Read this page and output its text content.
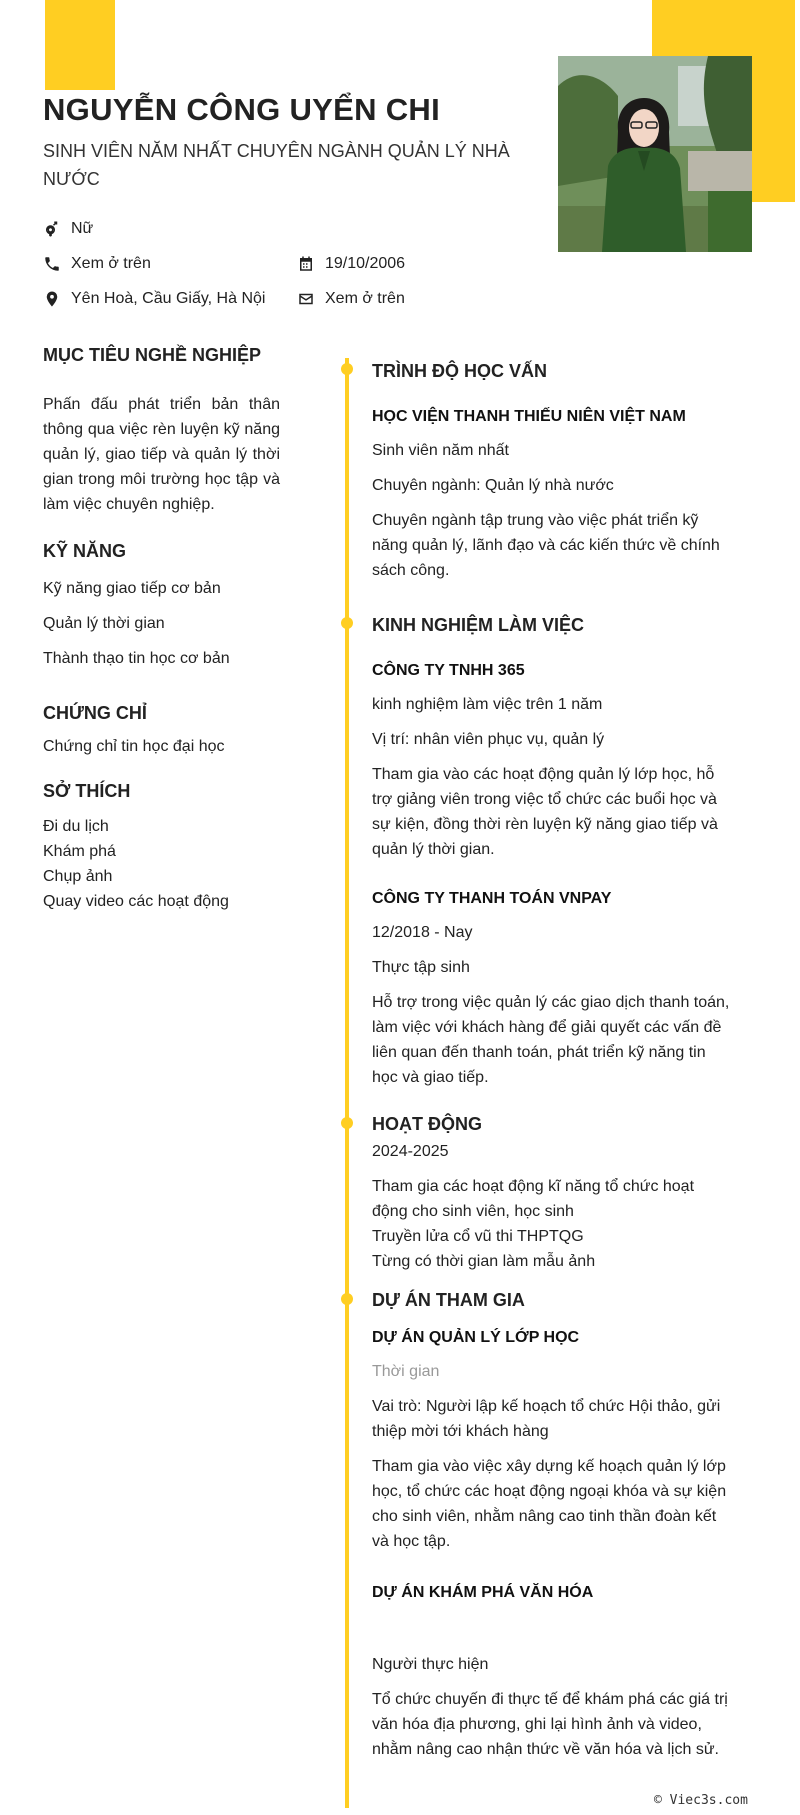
NGUYỄN CÔNG UYỂN CHI

SINH VIÊN NĂM NHẤT CHUYÊN NGÀNH QUẢN LÝ NHÀ NƯỚC

Nữ
Xem ở trên	19/10/2006
Yên Hoà, Cầu Giấy, Hà Nội	Xem ở trên
MỤC TIÊU NGHỀ NGHIỆP

Phấn đấu phát triển bản thân thông qua việc rèn luyện kỹ năng quản lý, giao tiếp và quản lý thời gian trong môi trường học tập và làm việc chuyên nghiệp.

KỸ NĂNG

Kỹ năng giao tiếp cơ bản

Quản lý thời gian

Thành thạo tin học cơ bản

CHỨNG CHỈ

Chứng chỉ tin học đại học

SỞ THÍCH

Đi du lịch

Khám phá

Chụp ảnh

Quay video các hoạt động

TRÌNH ĐỘ HỌC VẤN

HỌC VIỆN THANH THIẾU NIÊN VIỆT NAM

Sinh viên năm nhất

Chuyên ngành: Quản lý nhà nước

Chuyên ngành tập trung vào việc phát triển kỹ năng quản lý, lãnh đạo và các kiến thức về chính sách công.

KINH NGHIỆM LÀM VIỆC

CÔNG TY TNHH 365

kinh nghiệm làm việc trên 1 năm

Vị trí: nhân viên phục vụ, quản lý

Tham gia vào các hoạt động quản lý lớp học, hỗ trợ giảng viên trong việc tổ chức các buổi học và sự kiện, đồng thời rèn luyện kỹ năng giao tiếp và quản lý thời gian.

CÔNG TY THANH TOÁN VNPAY

12/2018 - Nay

Thực tập sinh

Hỗ trợ trong việc quản lý các giao dịch thanh toán, làm việc với khách hàng để giải quyết các vấn đề liên quan đến thanh toán, phát triển kỹ năng tin học và giao tiếp.

HOẠT ĐỘNG

2024-2025

Tham gia các hoạt động kĩ năng tổ chức hoạt động cho sinh viên, học sinh

Truyền lửa cổ vũ thi THPTQG

Từng có thời gian làm mẫu ảnh

DỰ ÁN THAM GIA

DỰ ÁN QUẢN LÝ LỚP HỌC

Thời gian

Vai trò: Người lập kế hoạch tổ chức Hội thảo, gửi thiệp mời tới khách hàng

Tham gia vào việc xây dựng kế hoạch quản lý lớp học, tổ chức các hoạt động ngoại khóa và sự kiện cho sinh viên, nhằm nâng cao tinh thần đoàn kết và học tập.

DỰ ÁN KHÁM PHÁ VĂN HÓA

Người thực hiện

Tổ chức chuyến đi thực tế để khám phá các giá trị văn hóa địa phương, ghi lại hình ảnh và video, nhằm nâng cao nhận thức về văn hóa và lịch sử.

© Viec3s.com
